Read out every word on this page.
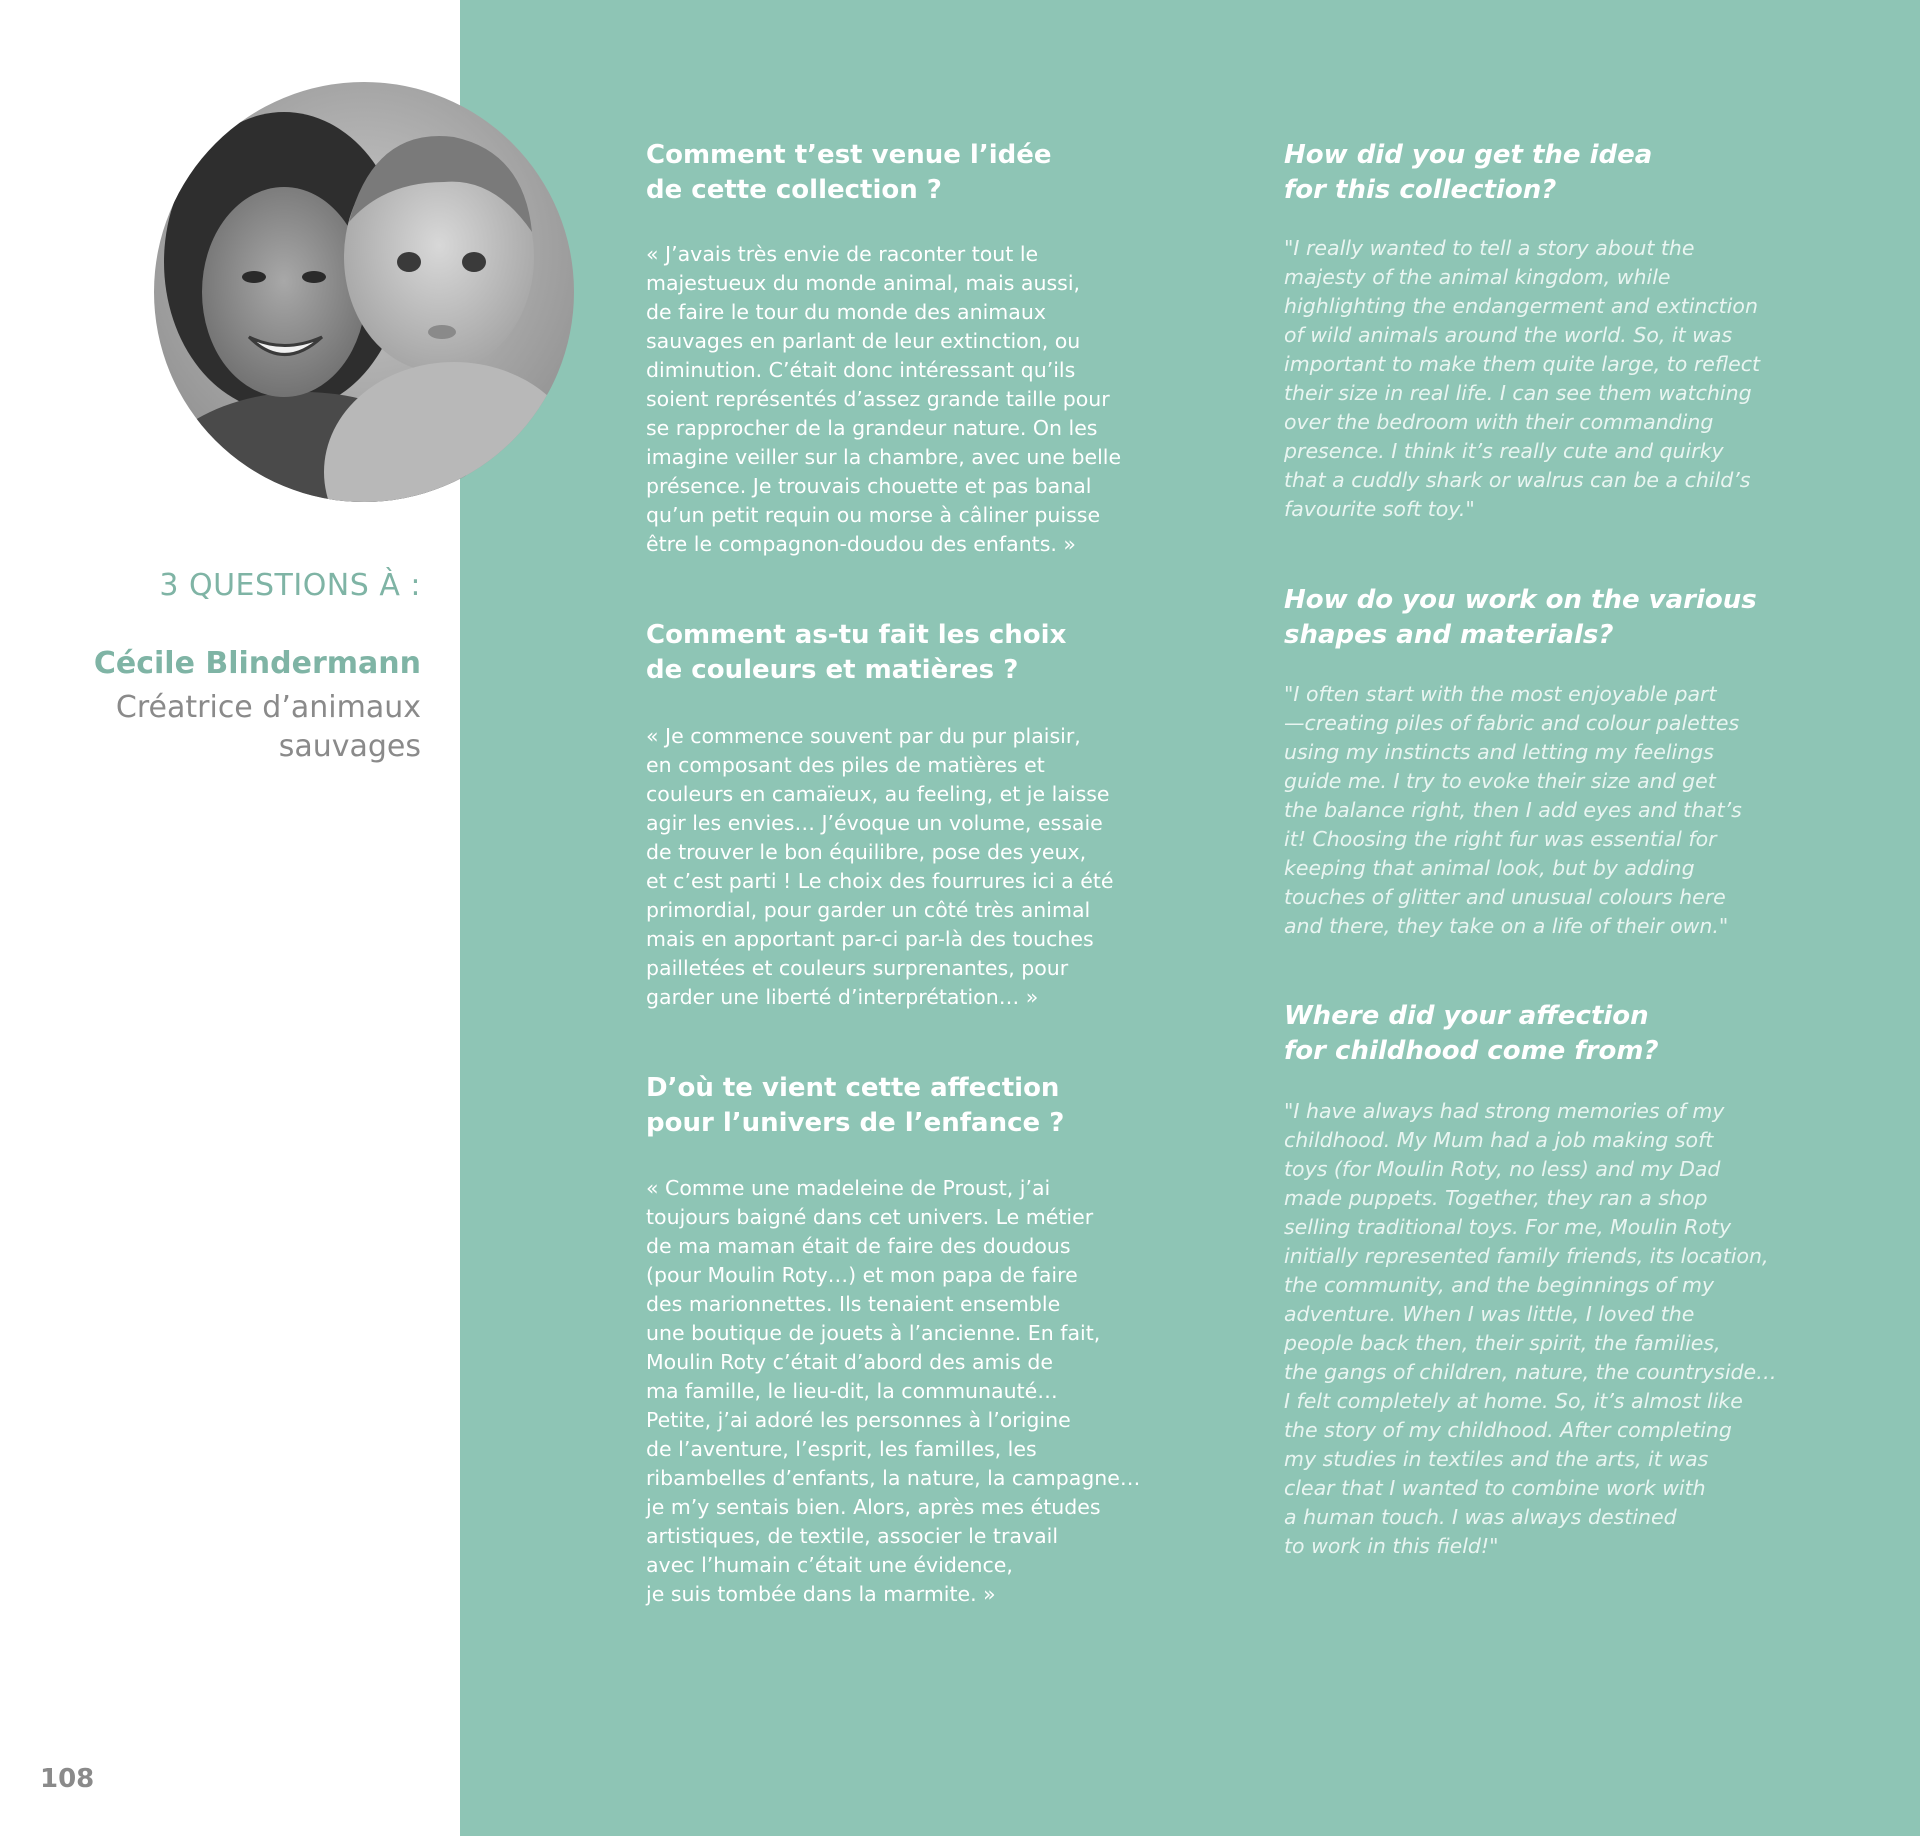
3 QUESTIONS À :
Cécile Blindermann
Créatrice d’animaux sauvages
108
Comment t’est venue l’idée
de cette collection ?
« J’avais très envie de raconter tout le
majestueux du monde animal, mais aussi,
de faire le tour du monde des animaux
sauvages en parlant de leur extinction, ou
diminution. C’était donc intéressant qu’ils
soient représentés d’assez grande taille pour
se rapprocher de la grandeur nature. On les
imagine veiller sur la chambre, avec une belle
présence. Je trouvais chouette et pas banal
qu’un petit requin ou morse à câliner puisse
être le compagnon-doudou des enfants. »
Comment as-tu fait les choix
de couleurs et matières ?
« Je commence souvent par du pur plaisir,
en composant des piles de matières et
couleurs en camaïeux, au feeling, et je laisse
agir les envies… J’évoque un volume, essaie
de trouver le bon équilibre, pose des yeux,
et c’est parti ! Le choix des fourrures ici a été
primordial, pour garder un côté très animal
mais en apportant par-ci par-là des touches
pailletées et couleurs surprenantes, pour
garder une liberté d’interprétation… »
D’où te vient cette affection
pour l’univers de l’enfance ?
« Comme une madeleine de Proust, j’ai
toujours baigné dans cet univers. Le métier
de ma maman était de faire des doudous
(pour Moulin Roty…) et mon papa de faire
des marionnettes. Ils tenaient ensemble
une boutique de jouets à l’ancienne. En fait,
Moulin Roty c’était d’abord des amis de
ma famille, le lieu-dit, la communauté…
Petite, j’ai adoré les personnes à l’origine
de l’aventure, l’esprit, les familles, les
ribambelles d’enfants, la nature, la campagne…
je m’y sentais bien. Alors, après mes études
artistiques, de textile, associer le travail
avec l’humain c’était une évidence,
je suis tombée dans la marmite. »
How did you get the idea
for this collection?
"I really wanted to tell a story about the
majesty of the animal kingdom, while
highlighting the endangerment and extinction
of wild animals around the world. So, it was
important to make them quite large, to reflect
their size in real life. I can see them watching
over the bedroom with their commanding
presence. I think it’s really cute and quirky
that a cuddly shark or walrus can be a child’s
favourite soft toy."
How do you work on the various
shapes and materials?
"I often start with the most enjoyable part
—creating piles of fabric and colour palettes
using my instincts and letting my feelings
guide me. I try to evoke their size and get
the balance right, then I add eyes and that’s
it! Choosing the right fur was essential for
keeping that animal look, but by adding
touches of glitter and unusual colours here
and there, they take on a life of their own."
Where did your affection
for childhood come from?
"I have always had strong memories of my
childhood. My Mum had a job making soft
toys (for Moulin Roty, no less) and my Dad
made puppets. Together, they ran a shop
selling traditional toys. For me, Moulin Roty
initially represented family friends, its location,
the community, and the beginnings of my
adventure. When I was little, I loved the
people back then, their spirit, the families,
the gangs of children, nature, the countryside…
I felt completely at home. So, it’s almost like
the story of my childhood. After completing
my studies in textiles and the arts, it was
clear that I wanted to combine work with
a human touch. I was always destined
to work in this field!"
